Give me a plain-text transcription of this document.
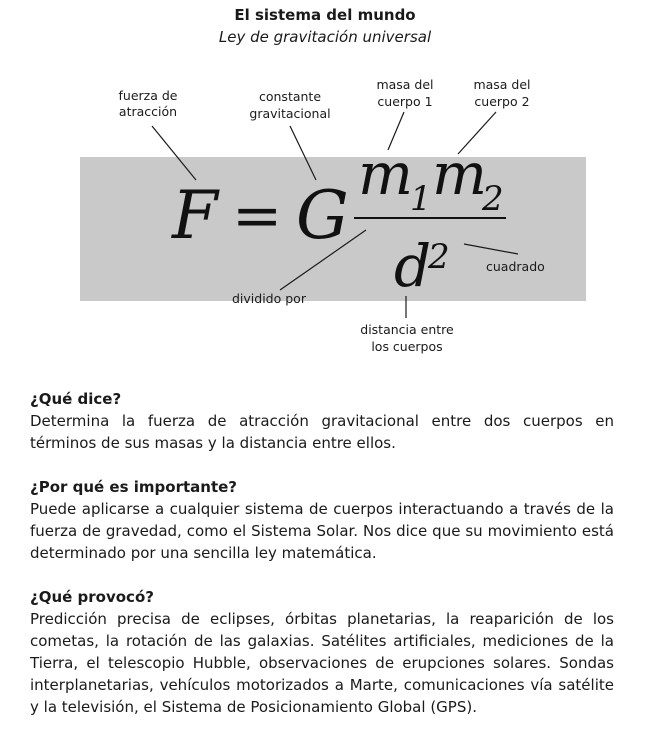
El sistema del mundo
Ley de gravitación universal
F = G
m
1 m
2
d
2
fuerza de
atracción
constante
gravitacional
masa del
cuerpo 1
masa del
cuerpo 2
cuadrado
dividido por
distancia entre
los cuerpos

¿Qué dice?

Determina la fuerza de atracción gravitacional entre dos cuerpos en términos de sus masas y la distancia entre ellos.

¿Por qué es importante?

Puede aplicarse a cualquier sistema de cuerpos interactuando a través de la fuerza de gravedad, como el Sistema Solar. Nos dice que su movimiento está determinado por una sencilla ley matemática.

¿Qué provocó?

Predicción precisa de eclipses, órbitas planetarias, la reaparición de los cometas, la rotación de las galaxias. Satélites artificiales, mediciones de la Tierra, el telescopio Hubble, observaciones de erupciones solares. Sondas interplanetarias, vehículos motorizados a Marte, comunicaciones vía satélite y la televisión, el Sistema de Posicionamiento Global (GPS).
